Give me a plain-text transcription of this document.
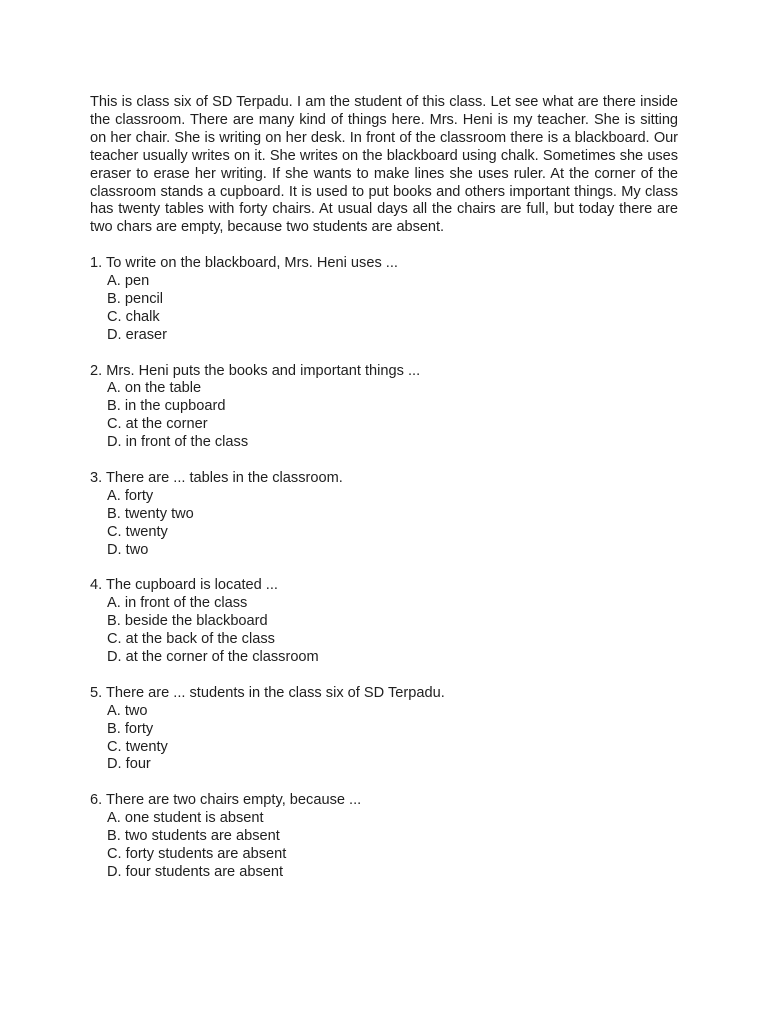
This is class six of SD Terpadu. I am the student of this class. Let see what are there inside the classroom. There are many kind of things here. Mrs. Heni is my teacher. She is sitting on her chair. She is writing on her desk. In front of the classroom there is a blackboard. Our teacher usually writes on it. She writes on the blackboard using chalk. Sometimes she uses eraser to erase her writing. If she wants to make lines she uses ruler. At the corner of the classroom stands a cupboard. It is used to put books and others important things. My class has twenty tables with forty chairs. At usual days all the chairs are full, but today there are two chars are empty, because two students are absent.

1. To write on the blackboard, Mrs. Heni uses ...

A. pen
B. pencil
C. chalk
D. eraser

2. Mrs. Heni puts the books and important things ...

A. on the table
B. in the cupboard
C. at the corner
D. in front of the class

3. There are ... tables in the classroom.

A. forty
B. twenty two
C. twenty
D. two

4. The cupboard is located ...

A. in front of the class
B. beside the blackboard
C. at the back of the class
D. at the corner of the classroom

5. There are ... students in the class six of SD Terpadu.

A. two
B. forty
C. twenty
D. four

6. There are two chairs empty, because ...

A. one student is absent
B. two students are absent
C. forty students are absent
D. four students are absent
